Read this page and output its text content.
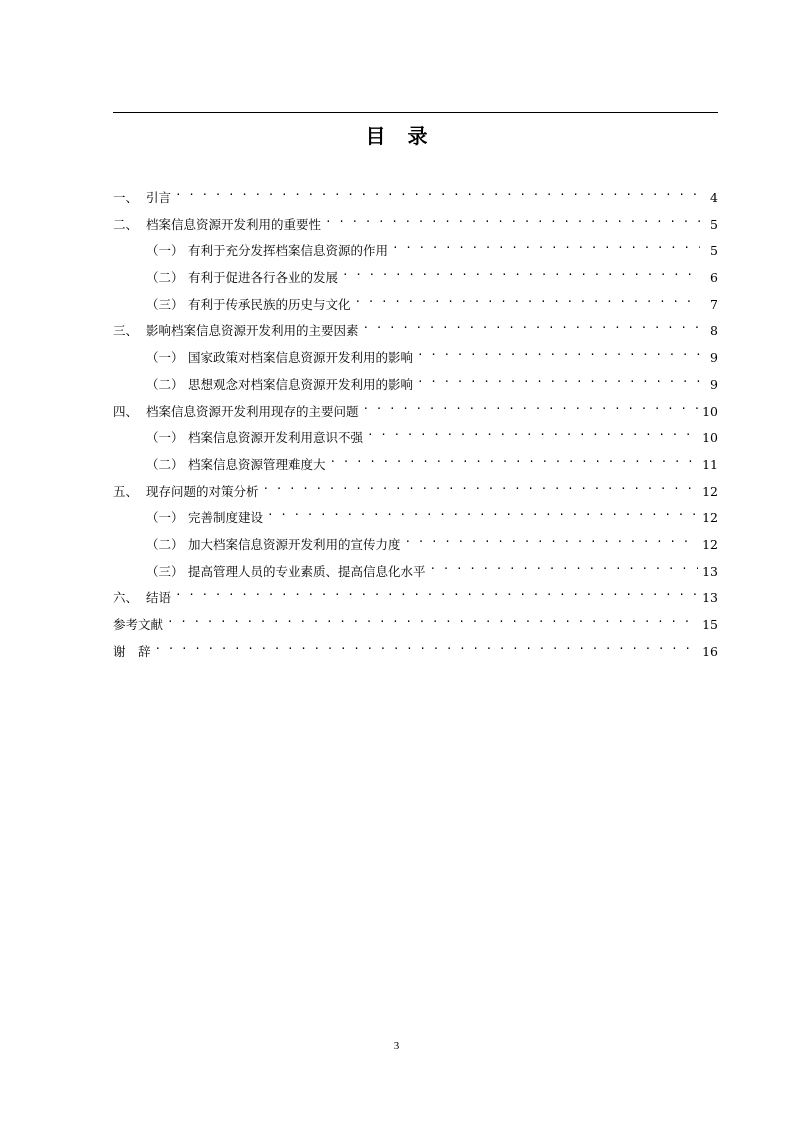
目 录
一、 引言 . . .	4
二、 档案信息资源开发利用的重要性 . . .	5
（一） 有利于充分发挥档案信息资源的作用 . . .	5
（二） 有利于促进各行各业的发展 . . .	6
（三） 有利于传承民族的历史与文化 . . .	7
三、 影响档案信息资源开发利用的主要因素 . . .	8
（一） 国家政策对档案信息资源开发利用的影响 . . .	9
（二） 思想观念对档案信息资源开发利用的影响 . . .	9
四、 档案信息资源开发利用现存的主要问题 . . .	10
（一） 档案信息资源开发利用意识不强 . . .	10
（二） 档案信息资源管理难度大 . . .	11
五、 现存问题的对策分析 . . .	12
（一） 完善制度建设 . . .	12
（二） 加大档案信息资源开发利用的宣传力度 . . .	12
（三） 提高管理人员的专业素质、提高信息化水平 . . .	13
六、 结语 . . .	13
参考文献 . . .	15
谢　辞 . . .	16
3
